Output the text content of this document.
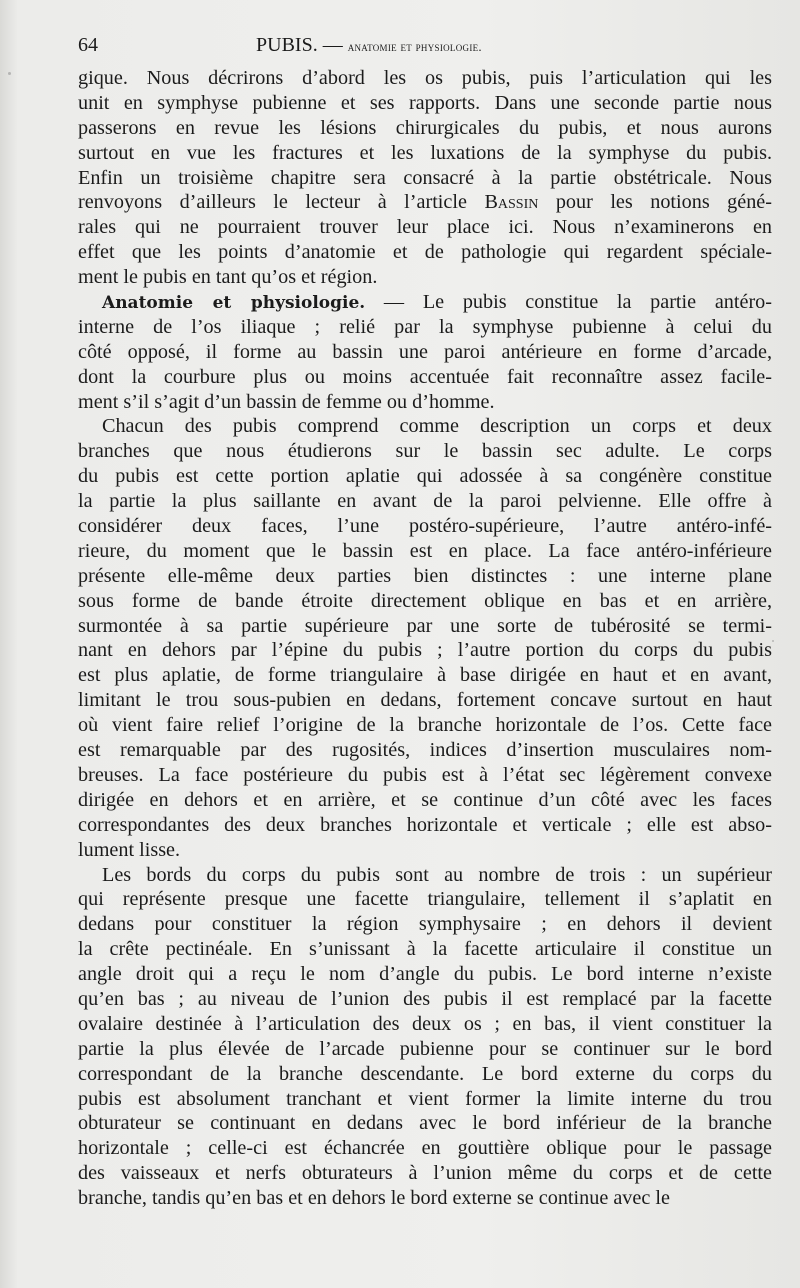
64	PUBIS. — anatomie et physiologie.
gique. Nous décrirons d’abord les os pubis, puis l’articulation qui les
unit en symphyse pubienne et ses rapports. Dans une seconde partie nous
passerons en revue les lésions chirurgicales du pubis, et nous aurons
surtout en vue les fractures et les luxations de la symphyse du pubis.
Enfin un troisième chapitre sera consacré à la partie obstétricale. Nous
renvoyons d’ailleurs le lecteur à l’article Bassin pour les notions géné-
rales qui ne pourraient trouver leur place ici. Nous n’examinerons en
effet que les points d’anatomie et de pathologie qui regardent spéciale-
ment le pubis en tant qu’os et région.
Anatomie et physiologie. — Le pubis constitue la partie antéro-
interne de l’os iliaque ; relié par la symphyse pubienne à celui du
côté opposé, il forme au bassin une paroi antérieure en forme d’arcade,
dont la courbure plus ou moins accentuée fait reconnaître assez facile-
ment s’il s’agit d’un bassin de femme ou d’homme.
Chacun des pubis comprend comme description un corps et deux
branches que nous étudierons sur le bassin sec adulte. Le corps
du pubis est cette portion aplatie qui adossée à sa congénère constitue
la partie la plus saillante en avant de la paroi pelvienne. Elle offre à
considérer deux faces, l’une postéro-supérieure, l’autre antéro-infé-
rieure, du moment que le bassin est en place. La face antéro-inférieure
présente elle-même deux parties bien distinctes : une interne plane
sous forme de bande étroite directement oblique en bas et en arrière,
surmontée à sa partie supérieure par une sorte de tubérosité se termi-
nant en dehors par l’épine du pubis ; l’autre portion du corps du pubis
est plus aplatie, de forme triangulaire à base dirigée en haut et en avant,
limitant le trou sous-pubien en dedans, fortement concave surtout en haut
où vient faire relief l’origine de la branche horizontale de l’os. Cette face
est remarquable par des rugosités, indices d’insertion musculaires nom-
breuses. La face postérieure du pubis est à l’état sec légèrement convexe
dirigée en dehors et en arrière, et se continue d’un côté avec les faces
correspondantes des deux branches horizontale et verticale ; elle est abso-
lument lisse.
Les bords du corps du pubis sont au nombre de trois : un supérieur
qui représente presque une facette triangulaire, tellement il s’aplatit en
dedans pour constituer la région symphysaire ; en dehors il devient
la crête pectinéale. En s’unissant à la facette articulaire il constitue un
angle droit qui a reçu le nom d’angle du pubis. Le bord interne n’existe
qu’en bas ; au niveau de l’union des pubis il est remplacé par la facette
ovalaire destinée à l’articulation des deux os ; en bas, il vient constituer la
partie la plus élevée de l’arcade pubienne pour se continuer sur le bord
correspondant de la branche descendante. Le bord externe du corps du
pubis est absolument tranchant et vient former la limite interne du trou
obturateur se continuant en dedans avec le bord inférieur de la branche
horizontale ; celle-ci est échancrée en gouttière oblique pour le passage
des vaisseaux et nerfs obturateurs à l’union même du corps et de cette
branche, tandis qu’en bas et en dehors le bord externe se continue avec le
